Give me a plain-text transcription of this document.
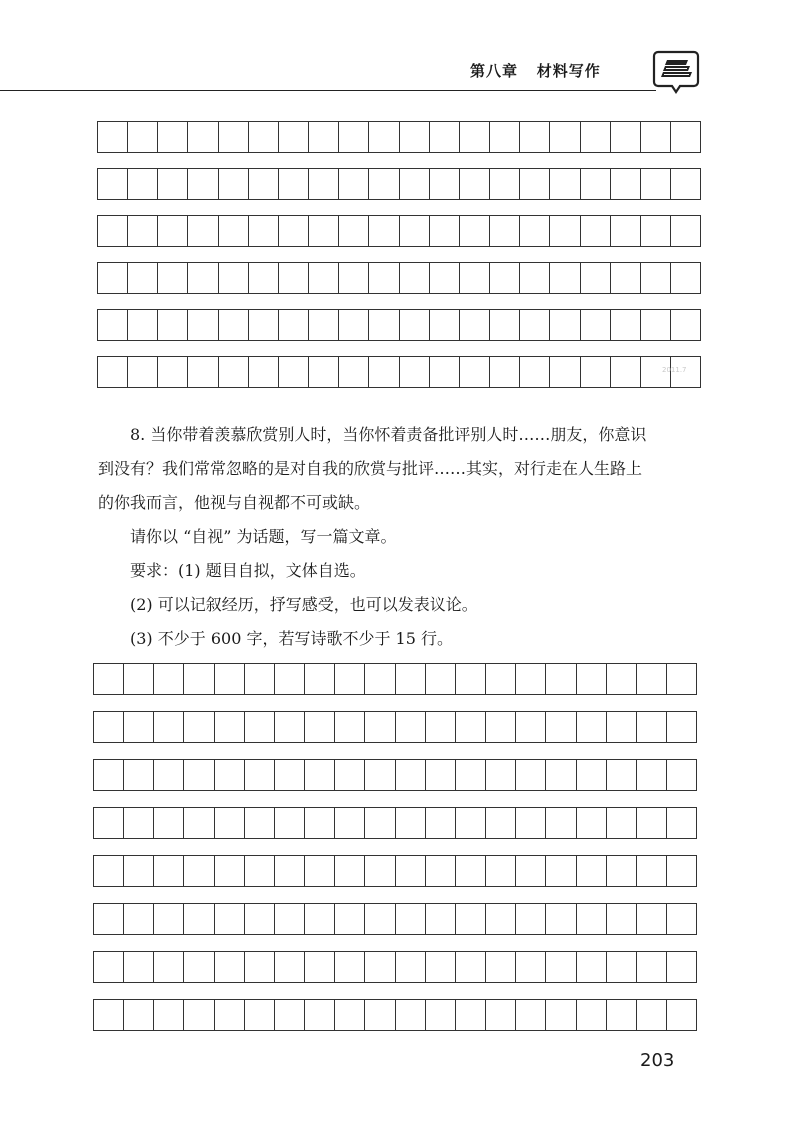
第八章 材料写作
2011.7

8. 当你带着羡慕欣赏别人时，当你怀着责备批评别人时……朋友，你意识

到没有？我们常常忽略的是对自我的欣赏与批评……其实，对行走在人生路上

的你我而言，他视与自视都不可或缺。

请你以 “自视” 为话题，写一篇文章。

要求：(1) 题目自拟，文体自选。

(2) 可以记叙经历，抒写感受，也可以发表议论。

(3) 不少于 600 字，若写诗歌不少于 15 行。

203
